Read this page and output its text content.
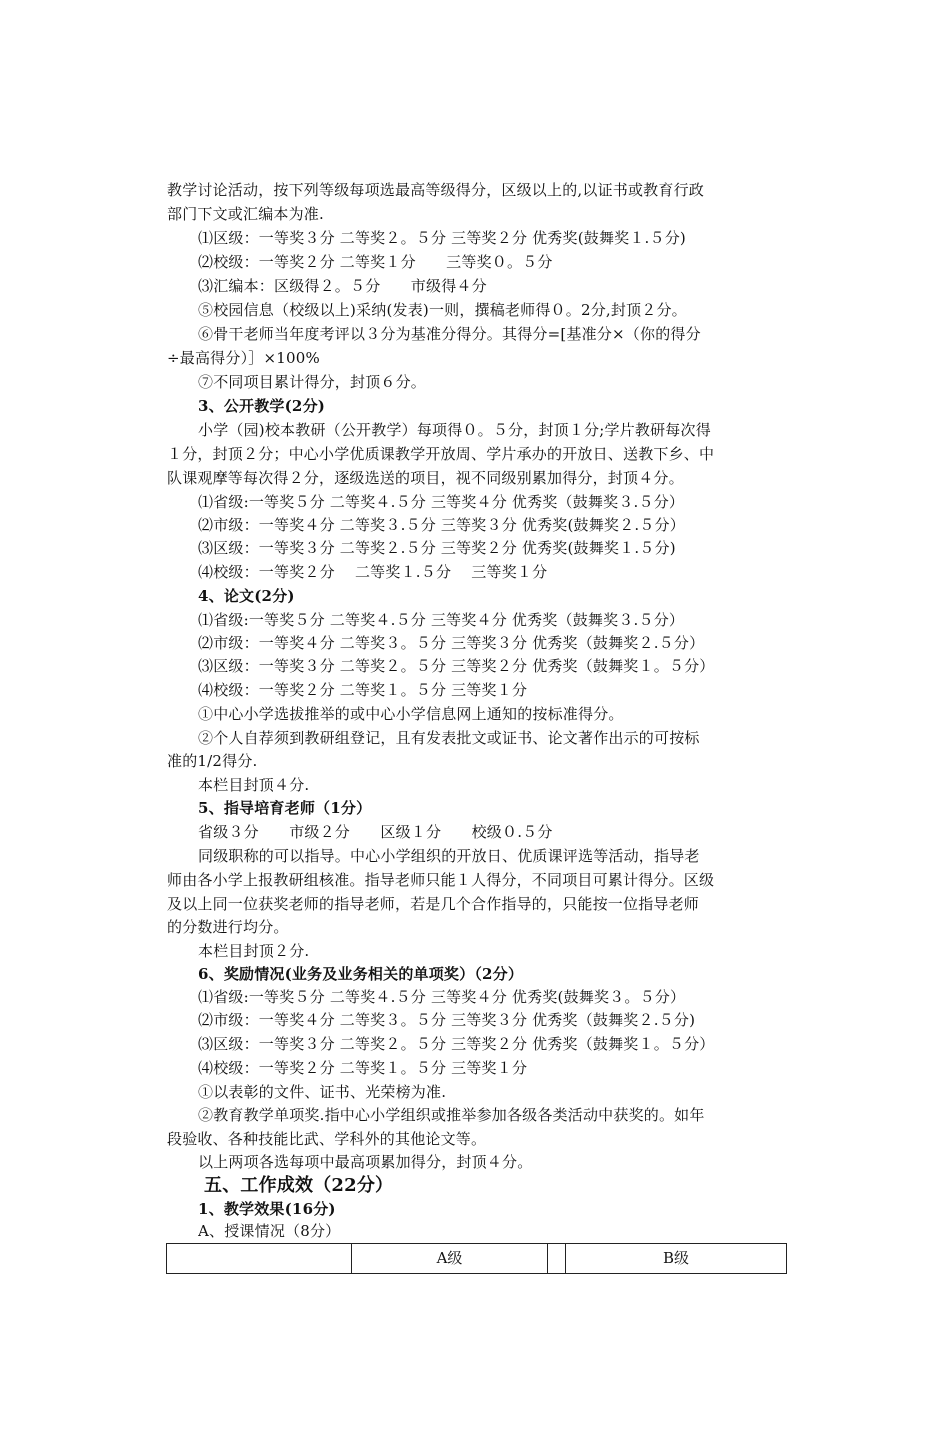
教学讨论活动，按下列等级每项选最高等级得分，区级以上的,以证书或教育行政
部门下文或汇编本为准.
⑴区级：一等奖３分 二等奖２。５分 三等奖２分 优秀奖(鼓舞奖１.５分)
⑵校级：一等奖２分 二等奖１分　　三等奖０。５分
⑶汇编本：区级得２。５分　　市级得４分
⑤校园信息（校级以上)采纳(发表)一则，撰稿老师得０。2分,封顶２分。
⑥骨干老师当年度考评以３分为基准分得分。其得分=[基准分×（你的得分
÷最高得分）］×100%
⑦不同项目累计得分，封顶６分。
3、公开教学(2分)
小学（园)校本教研（公开教学）每项得０。５分，封顶１分;学片教研每次得
１分，封顶２分；中心小学优质课教学开放周、学片承办的开放日、送教下乡、中
队课观摩等每次得２分，逐级选送的项目，视不同级别累加得分，封顶４分。
⑴省级:一等奖５分 二等奖４.５分 三等奖４分 优秀奖（鼓舞奖３.５分）
⑵市级：一等奖４分 二等奖３.５分 三等奖３分 优秀奖(鼓舞奖２.５分）
⑶区级：一等奖３分 二等奖２.５分 三等奖２分 优秀奖(鼓舞奖１.５分)
⑷校级：一等奖２分　 二等奖１.５分　 三等奖１分
4、论文(2分)
⑴省级:一等奖５分 二等奖４.５分 三等奖４分 优秀奖（鼓舞奖３.５分）
⑵市级：一等奖４分 二等奖３。５分 三等奖３分 优秀奖（鼓舞奖２.５分）
⑶区级：一等奖３分 二等奖２。５分 三等奖２分 优秀奖（鼓舞奖１。５分）
⑷校级：一等奖２分 二等奖１。５分 三等奖１分
①中心小学选拔推举的或中心小学信息网上通知的按标准得分。
②个人自荐须到教研组登记，且有发表批文或证书、论文著作出示的可按标
准的1/2得分.
本栏目封顶４分.
5、指导培育老师（1分）
省级３分　　市级２分　　区级１分　　校级０.５分
同级职称的可以指导。中心小学组织的开放日、优质课评选等活动，指导老
师由各小学上报教研组核准。指导老师只能１人得分，不同项目可累计得分。区级
及以上同一位获奖老师的指导老师，若是几个合作指导的，只能按一位指导老师
的分数进行均分。
本栏目封顶２分.
6、奖励情况(业务及业务相关的单项奖）（2分）
⑴省级:一等奖５分 二等奖４.５分 三等奖４分 优秀奖(鼓舞奖３。５分）
⑵市级：一等奖４分 二等奖３。５分 三等奖３分 优秀奖（鼓舞奖２.５分)
⑶区级：一等奖３分 二等奖２。５分 三等奖２分 优秀奖（鼓舞奖１。５分）
⑷校级：一等奖２分 二等奖１。５分 三等奖１分
①以表彰的文件、证书、光荣榜为准.
②教育教学单项奖.指中心小学组织或推举参加各级各类活动中获奖的。如年
段验收、各种技能比武、学科外的其他论文等。
以上两项各选每项中最高项累加得分，封顶４分。
五、工作成效（22分）
1、教学效果(16分)
A、授课情况（8分）
A级	B级
